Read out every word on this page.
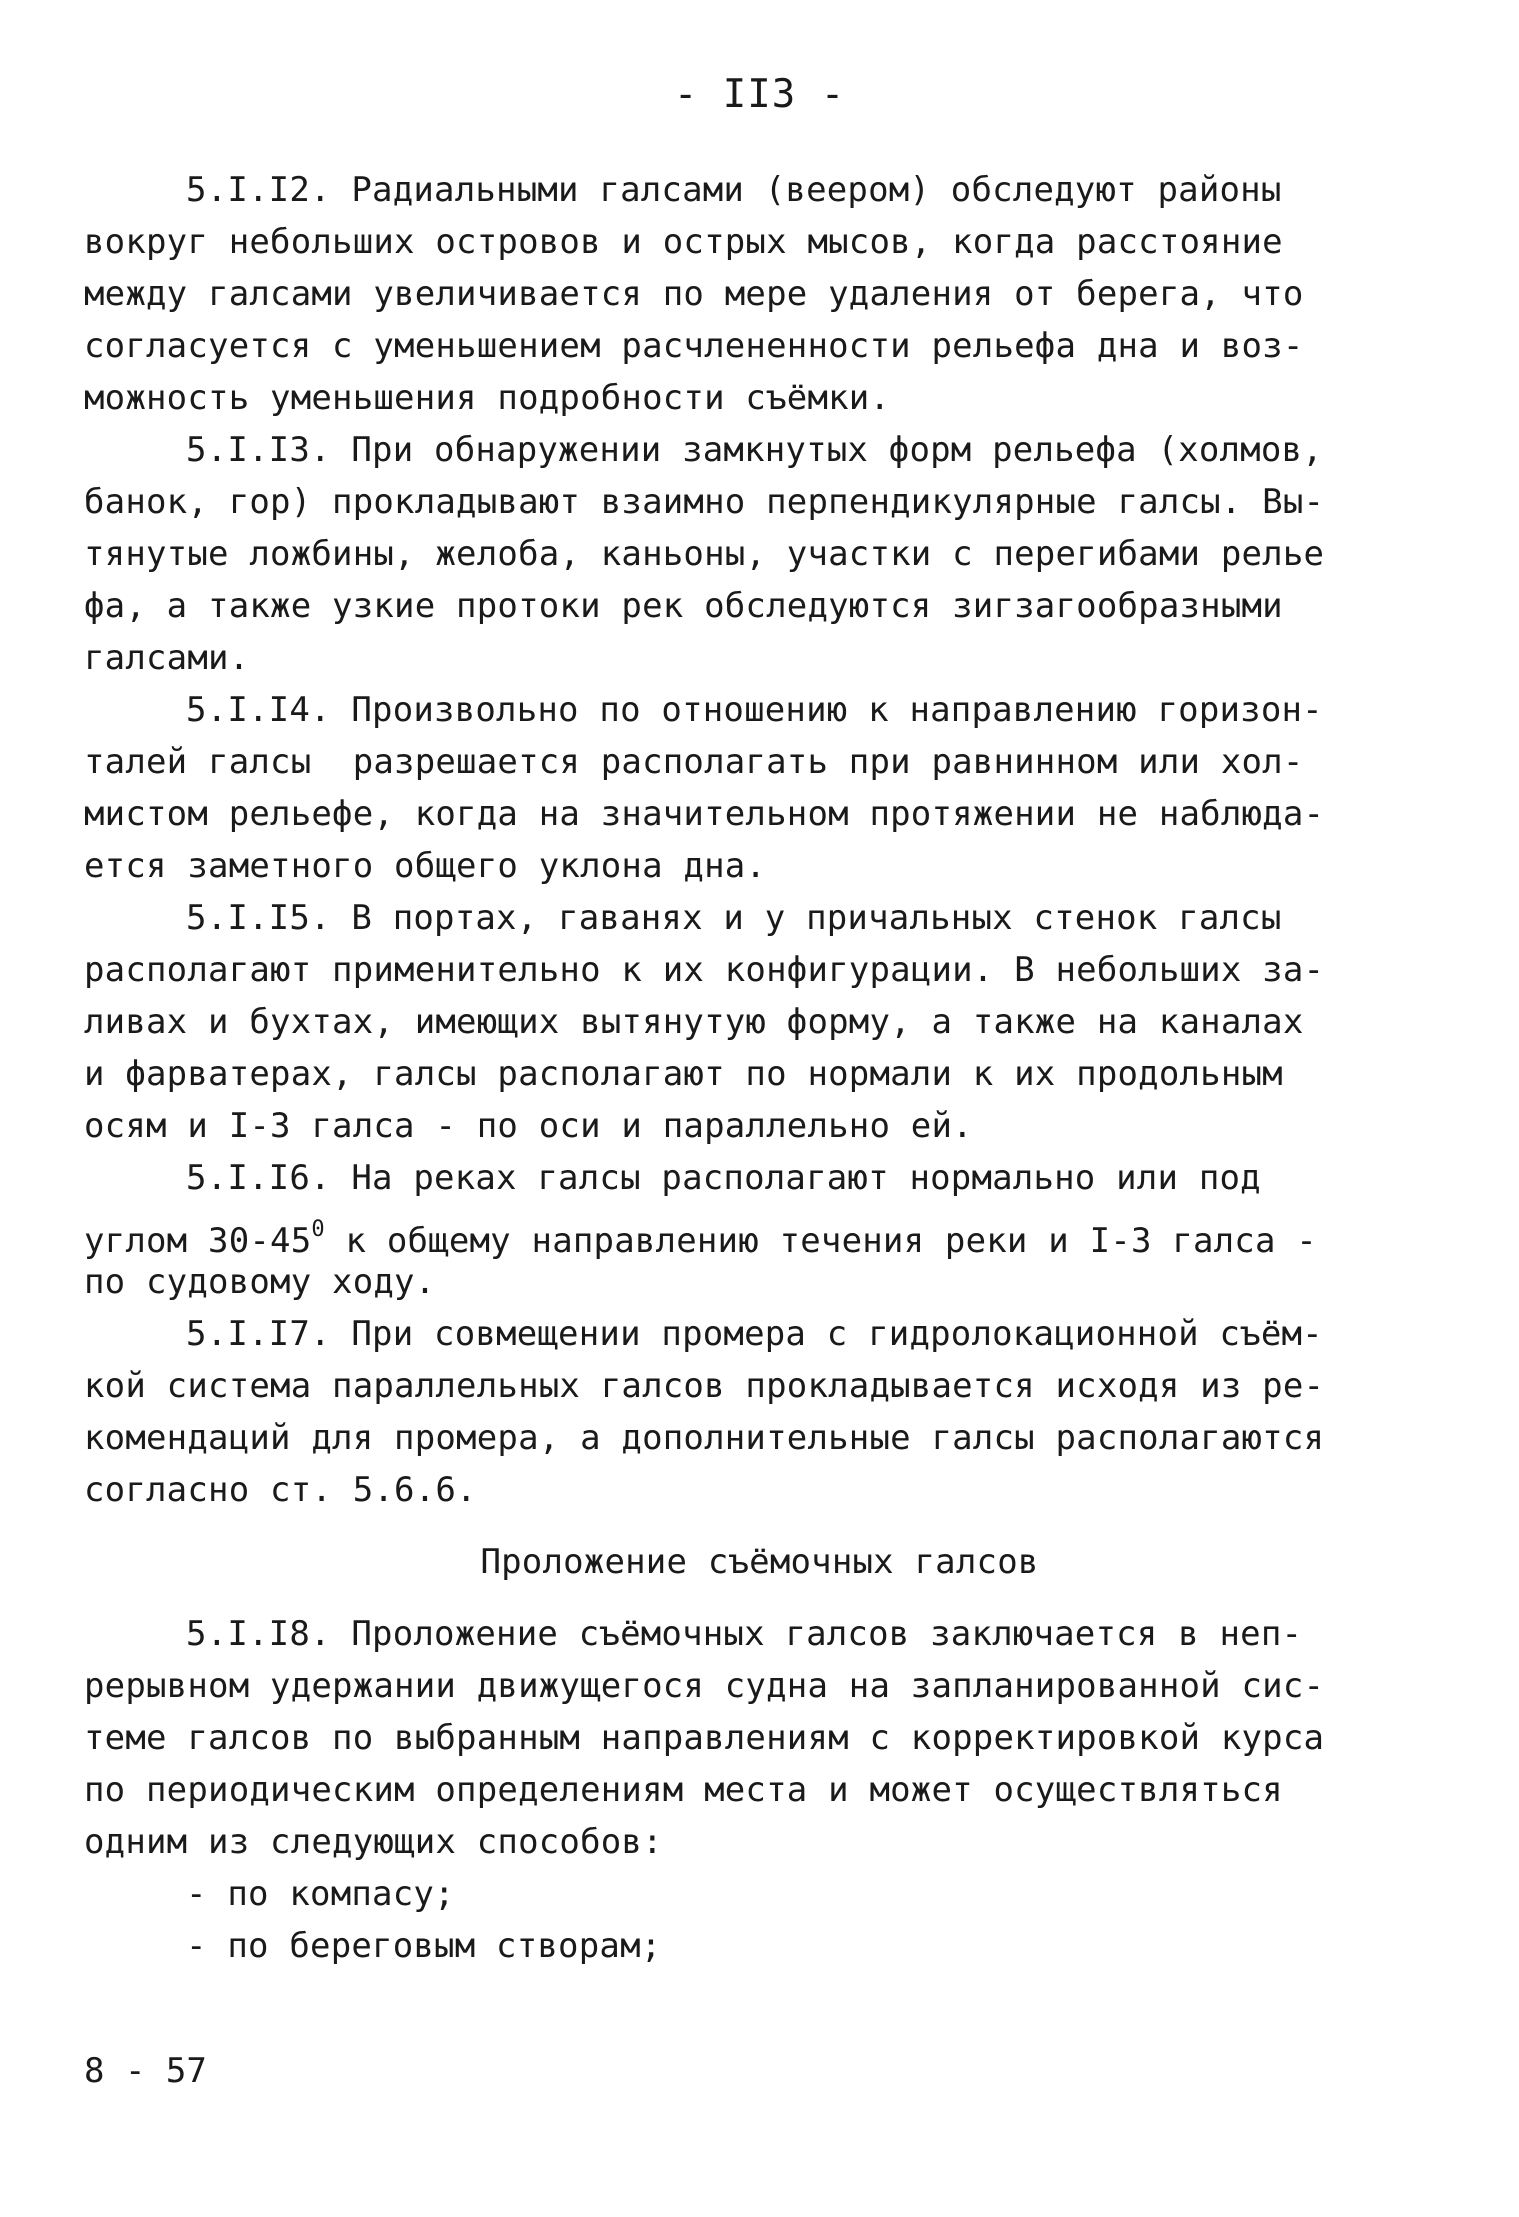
- II3 -
5.I.I2. Радиальными галсами (веером) обследуют районы
вокруг небольших островов и острых мысов, когда расстояние
между галсами увеличивается по мере удаления от берега, что
согласуется с уменьшением расчлененности рельефа дна и воз-
можность уменьшения подробности съёмки.
5.I.I3. При обнаружении замкнутых форм рельефа (холмов,
банок, гор) прокладывают взаимно перпендикулярные галсы. Вы-
тянутые ложбины, желоба, каньоны, участки с перегибами релье
фа, а также узкие протоки рек обследуются зигзагообразными
галсами.
5.I.I4. Произвольно по отношению к направлению горизон-
талей галсы  разрешается располагать при равнинном или хол-
мистом рельефе, когда на значительном протяжении не наблюда-
ется заметного общего уклона дна.
5.I.I5. В портах, гаванях и у причальных стенок галсы
располагают применительно к их конфигурации. В небольших за-
ливах и бухтах, имеющих вытянутую форму, а также на каналах
и фарватерах, галсы располагают по нормали к их продольным
осям и I-3 галса - по оси и параллельно ей.
5.I.I6. На реках галсы располагают нормально или под
углом $30-45^0$ к общему направлению течения реки и I-3 галса -
по судовому ходу.
5.I.I7. При совмещении промера с гидролокационной съём-
кой система параллельных галсов прокладывается исходя из ре-
комендаций для промера, а дополнительные галсы располагаются
согласно ст. 5.6.6.
Проложение съёмочных галсов
5.I.I8. Проложение съёмочных галсов заключается в неп-
рерывном удержании движущегося судна на запланированной сис-
теме галсов по выбранным направлениям с корректировкой курса
по периодическим определениям места и может осуществляться
одним из следующих способов:
- по компасу;
- по береговым створам;
8 - 57
